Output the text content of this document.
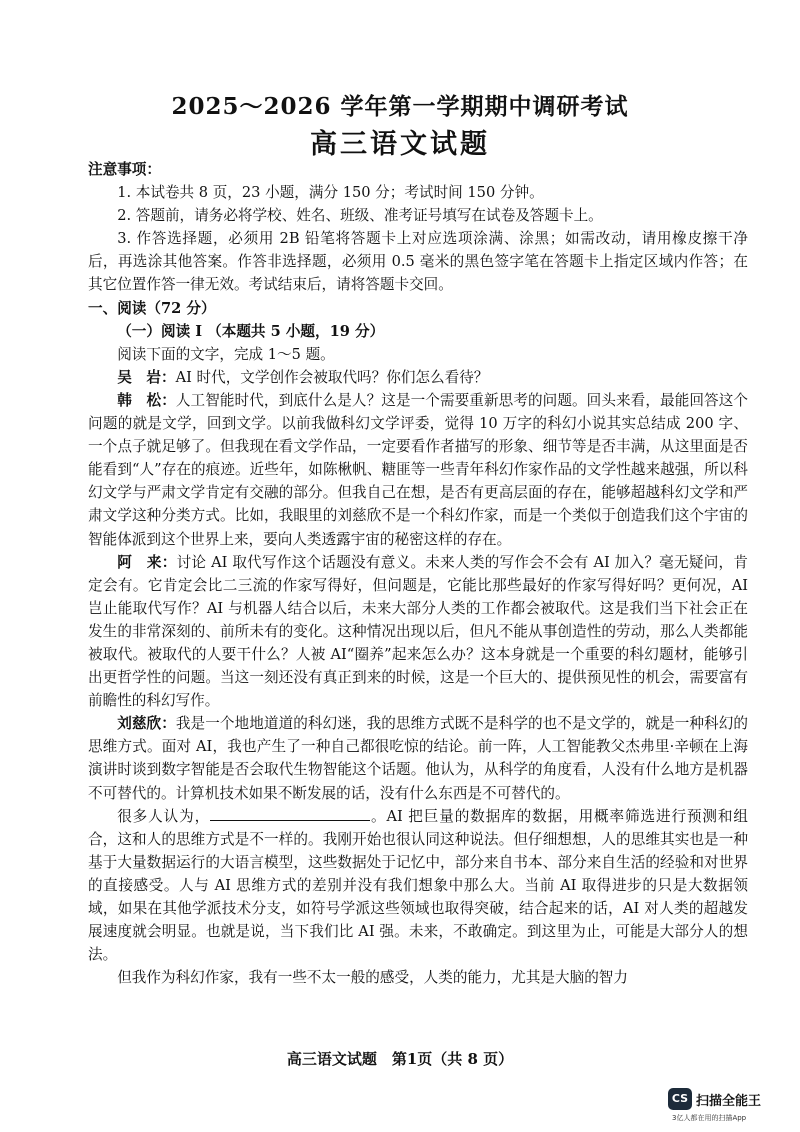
2025～2026 学年第一学期期中调研考试
高三语文试题

注意事项：

1. 本试卷共 8 页，23 小题，满分 150 分；考试时间 150 分钟。

2. 答题前，请务必将学校、姓名、班级、准考证号填写在试卷及答题卡上。

3. 作答选择题，必须用 2B 铅笔将答题卡上对应选项涂满、涂黑；如需改动，请用橡皮擦干净后，再选涂其他答案。作答非选择题，必须用 0.5 毫米的黑色签字笔在答题卡上指定区域内作答；在其它位置作答一律无效。考试结束后，请将答题卡交回。

一、阅读（72 分）

（一）阅读 I （本题共 5 小题，19 分）

阅读下面的文字，完成 1～5 题。

吴　岩：AI 时代，文学创作会被取代吗？你们怎么看待？

韩　松：人工智能时代，到底什么是人？这是一个需要重新思考的问题。回头来看，最能回答这个问题的就是文学，回到文学。以前我做科幻文学评委，觉得 10 万字的科幻小说其实总结成 200 字、一个点子就足够了。但我现在看文学作品，一定要看作者描写的形象、细节等是否丰满，从这里面是否能看到“人”存在的痕迹。近些年，如陈楸帆、糖匪等一些青年科幻作家作品的文学性越来越强，所以科幻文学与严肃文学肯定有交融的部分。但我自己在想，是否有更高层面的存在，能够超越科幻文学和严肃文学这种分类方式。比如，我眼里的刘慈欣不是一个科幻作家，而是一个类似于创造我们这个宇宙的智能体派到这个世界上来，要向人类透露宇宙的秘密这样的存在。

阿　来：讨论 AI 取代写作这个话题没有意义。未来人类的写作会不会有 AI 加入？毫无疑问，肯定会有。它肯定会比二三流的作家写得好，但问题是，它能比那些最好的作家写得好吗？更何况，AI 岂止能取代写作？AI 与机器人结合以后，未来大部分人类的工作都会被取代。这是我们当下社会正在发生的非常深刻的、前所未有的变化。这种情况出现以后，但凡不能从事创造性的劳动，那么人类都能被取代。被取代的人要干什么？人被 AI“圈养”起来怎么办？这本身就是一个重要的科幻题材，能够引出更哲学性的问题。当这一刻还没有真正到来的时候，这是一个巨大的、提供预见性的机会，需要富有前瞻性的科幻写作。

刘慈欣：我是一个地地道道的科幻迷，我的思维方式既不是科学的也不是文学的，就是一种科幻的思维方式。面对 AI，我也产生了一种自己都很吃惊的结论。前一阵，人工智能教父杰弗里·辛顿在上海演讲时谈到数字智能是否会取代生物智能这个话题。他认为，从科学的角度看，人没有什么地方是机器不可替代的。计算机技术如果不断发展的话，没有什么东西是不可替代的。

很多人认为，	。AI 把巨量的数据库的数据，用概率筛选进行预测和组合，这和人的思维方式是不一样的。我刚开始也很认同这种说法。但仔细想想，人的思维其实也是一种基于大量数据运行的大语言模型，这些数据处于记忆中，部分来自书本、部分来自生活的经验和对世界的直接感受。人与 AI 思维方式的差别并没有我们想象中那么大。当前 AI 取得进步的只是大数据领域，如果在其他学派技术分支，如符号学派这些领域也取得突破，结合起来的话，AI 对人类的超越发展速度就会明显。也就是说，当下我们比 AI 强。未来，不敢确定。到这里为止，可能是大部分人的想法。

但我作为科幻作家，我有一些不太一般的感受，人类的能力，尤其是大脑的智力

高三语文试题　第1页（共 8 页）
CS 扫描全能王
3亿人都在用的扫描App
